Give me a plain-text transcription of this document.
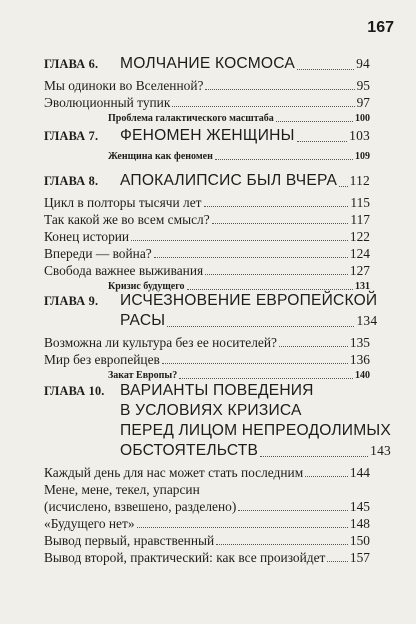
167
ГЛАВА 6.	МОЛЧАНИЕ КОСМОСА	94
Мы одиноки во Вселенной?	95
Эволюционный тупик	97
Проблема галактического масштаба	100
ГЛАВА 7.	ФЕНОМЕН ЖЕНЩИНЫ	103
Женщина как феномен	109
ГЛАВА 8.	АПОКАЛИПСИС БЫЛ ВЧЕРА 112
Цикл в полторы тысячи лет	115
Так какой же во всем смысл?	117
Конец истории	122
Впереди — война?	124
Свобода важнее выживания	127
Кризис будущего	131
ГЛАВА 9.	ИСЧЕЗНОВЕНИЕ ЕВРОПЕЙСКОЙ
РАСЫ	134
Возможна ли культура без ее носителей?	135
Мир без европейцев	136
Закат Европы?	140
ГЛАВА 10. ВАРИАНТЫ ПОВЕДЕНИЯ
В УСЛОВИЯХ КРИЗИСА
ПЕРЕД ЛИЦОМ НЕПРЕОДОЛИМЫХ
ОБСТОЯТЕЛЬСТВ	143
Каждый день для нас может стать последним	144
Мене, мене, текел, упарсин
(исчислено, взвешено, разделено)	145
«Будущего нет»	148
Вывод первый, нравственный	150
Вывод второй, практический: как все произойдет 157
